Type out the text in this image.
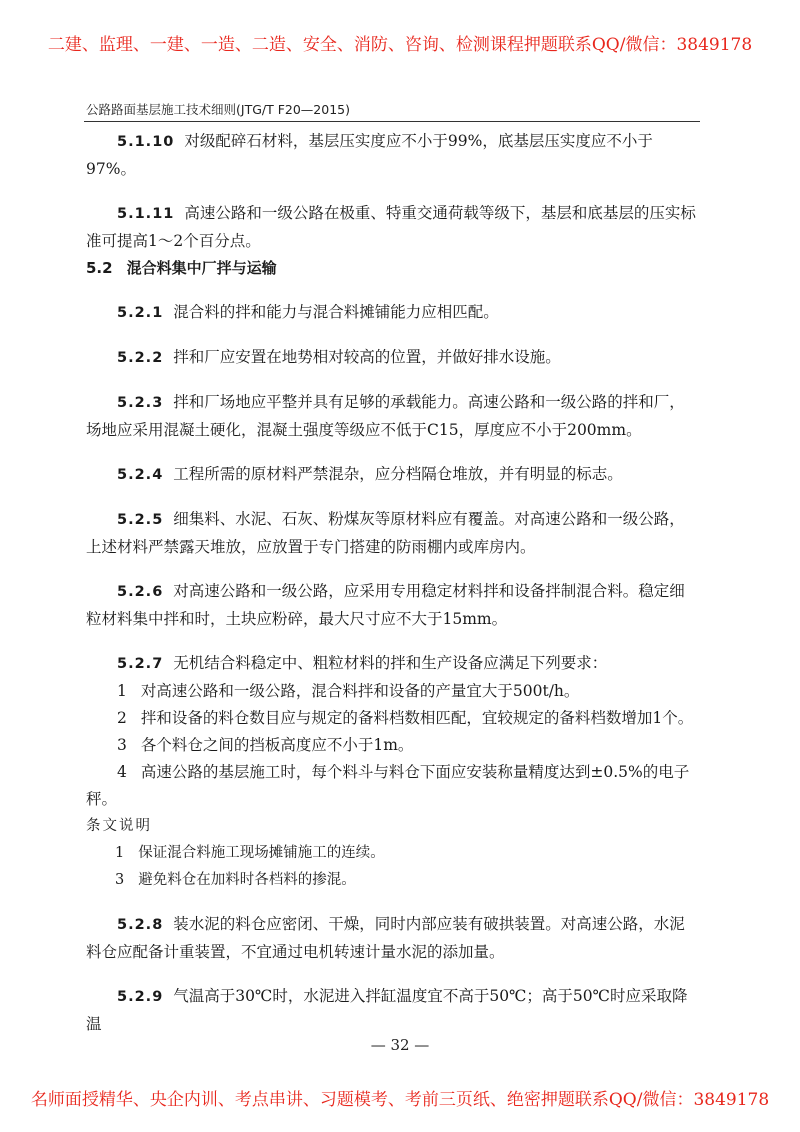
二建、监理、一建、一造、二造、安全、消防、咨询、检测课程押题联系QQ/微信：3849178
公路路面基层施工技术细则(JTG/T F20—2015)

5.1.10 对级配碎石材料，基层压实度应不小于99%，底基层压实度应不小于97%。

5.1.11 高速公路和一级公路在极重、特重交通荷载等级下，基层和底基层的压实标准可提高1～2个百分点。

5.2 混合料集中厂拌与运输

5.2.1 混合料的拌和能力与混合料摊铺能力应相匹配。

5.2.2 拌和厂应安置在地势相对较高的位置，并做好排水设施。

5.2.3 拌和厂场地应平整并具有足够的承载能力。高速公路和一级公路的拌和厂，场地应采用混凝土硬化，混凝土强度等级应不低于C15，厚度应不小于200mm。

5.2.4 工程所需的原材料严禁混杂，应分档隔仓堆放，并有明显的标志。

5.2.5 细集料、水泥、石灰、粉煤灰等原材料应有覆盖。对高速公路和一级公路，上述材料严禁露天堆放，应放置于专门搭建的防雨棚内或库房内。

5.2.6 对高速公路和一级公路，应采用专用稳定材料拌和设备拌制混合料。稳定细粒材料集中拌和时，土块应粉碎，最大尺寸应不大于15mm。

5.2.7 无机结合料稳定中、粗粒材料的拌和生产设备应满足下列要求：

1 对高速公路和一级公路，混合料拌和设备的产量宜大于500t/h。

2 拌和设备的料仓数目应与规定的备料档数相匹配，宜较规定的备料档数增加1个。

3 各个料仓之间的挡板高度应不小于1m。

4 高速公路的基层施工时，每个料斗与料仓下面应安装称量精度达到±0.5%的电子秤。

条文说明

1 保证混合料施工现场摊铺施工的连续。

3 避免料仓在加料时各档料的掺混。

5.2.8 装水泥的料仓应密闭、干燥，同时内部应装有破拱装置。对高速公路，水泥料仓应配备计重装置，不宜通过电机转速计量水泥的添加量。

5.2.9 气温高于30℃时，水泥进入拌缸温度宜不高于50℃；高于50℃时应采取降温

— 32 —
名师面授精华、央企内训、考点串讲、习题模考、考前三页纸、绝密押题联系QQ/微信：3849178
